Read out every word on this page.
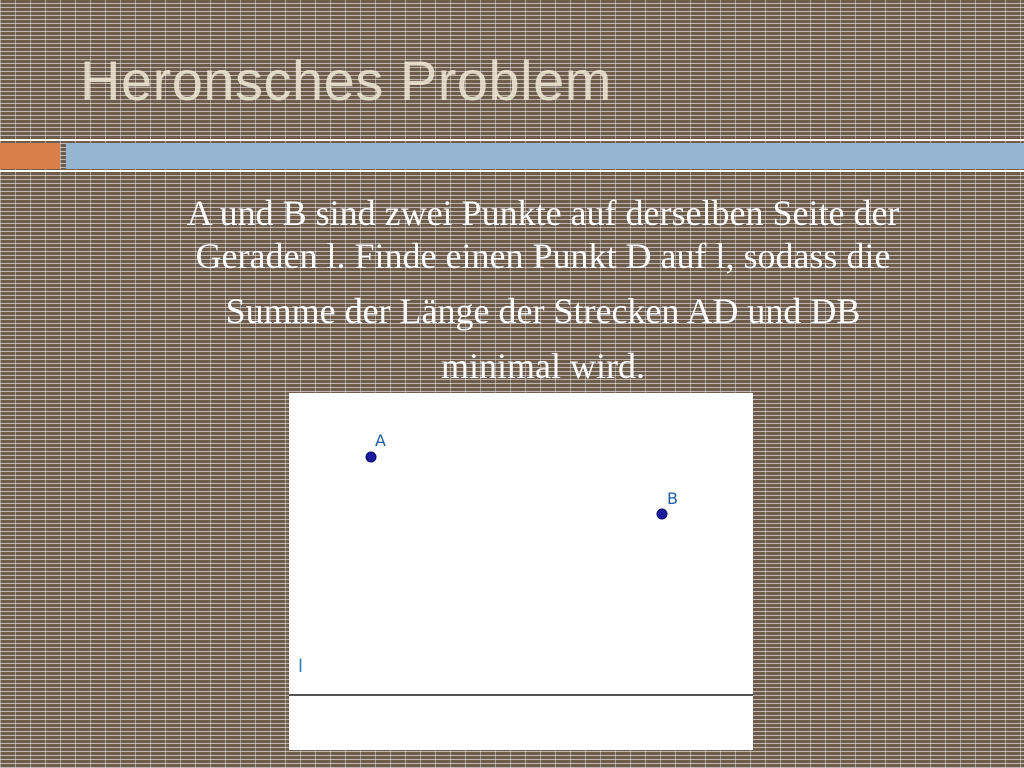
Heronsches Problem

A und B sind zwei Punkte auf derselben Seite der
Geraden l. Finde einen Punkt D auf l, sodass die
Summe der Länge der Strecken AD und DB
minimal wird.

A
B
l
